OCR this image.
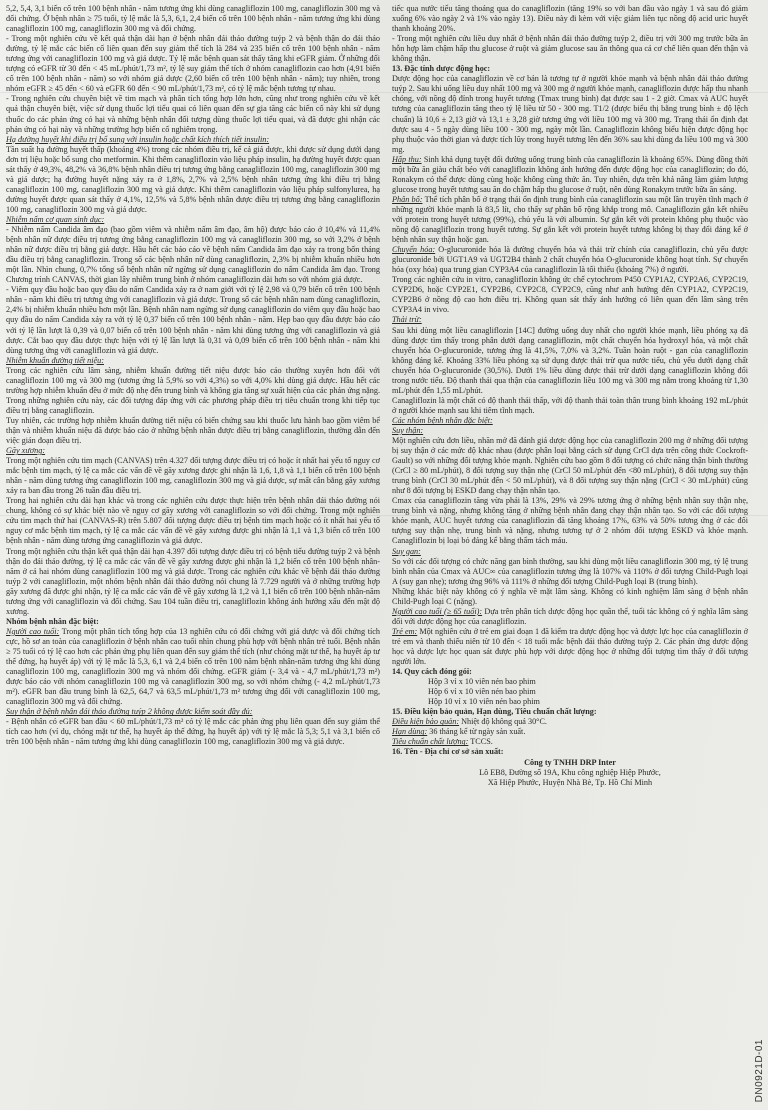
5,2, 5,4, 3,1 biến cố trên 100 bệnh nhân - năm tương ứng khi dùng canagliflozin 100 mg, canagliflozin 300 mg và đối chứng. Ở bệnh nhân ≥ 75 tuổi, tỷ lệ mắc là 5,3, 6,1, 2,4 biến cố trên 100 bệnh nhân - năm tương ứng khi dùng canagliflozin 100 mg, canagliflozin 300 mg và đối chứng.

- Trong một nghiên cứu về kết quả thận dài hạn ở bệnh nhân đái tháo đường tuýp 2 và bệnh thận do đái tháo đường, tỷ lệ mắc các biến cố liên quan đến suy giảm thể tích là 284 và 235 biến cố trên 100 bệnh nhân - năm tương ứng với canagliflozin 100 mg và giả dược. Tỷ lệ mắc bệnh quan sát thấy tăng khi eGFR giảm. Ở những đối tượng có eGFR từ 30 đến < 45 mL/phút/1,73 m², tỷ lệ suy giảm thể tích ở nhóm canagliflozin cao hơn (4,91 biến cố trên 100 bệnh nhân - năm) so với nhóm giả dược (2,60 biến cố trên 100 bệnh nhân - năm); tuy nhiên, trong nhóm eGFR ≥ 45 đến < 60 và eGFR 60 đến < 90 mL/phút/1,73 m², có tỷ lệ mắc bệnh tương tự nhau.

- Trong nghiên cứu chuyên biệt về tim mạch và phân tích tổng hợp lớn hơn, cũng như trong nghiên cứu về kết quả thận chuyên biệt, việc sử dụng thuốc lợi tiểu quai có liên quan đến sự gia tăng các biến cố này khi sử dụng thuốc do các phản ứng có hại và những bệnh nhân đối tượng dùng thuốc lợi tiểu quai, và đã được ghi nhận các phản ứng có hại này và những trường hợp biến cố nghiêm trọng.

Hạ đường huyết khi điều trị bổ sung với insulin hoặc chất kích thích tiết insulin:

Tần suất hạ đường huyết thấp (khoảng 4%) trong các nhóm điều trị, kể cả giả dược, khi được sử dụng dưới dạng đơn trị liệu hoặc bổ sung cho metformin. Khi thêm canagliflozin vào liệu pháp insulin, hạ đường huyết được quan sát thấy ở 49,3%, 48,2% và 36,8% bệnh nhân điều trị tương ứng bằng canagliflozin 100 mg, canagliflozin 300 mg và giả dược; hạ đường huyết nặng xảy ra ở 1,8%, 2,7% và 2,5% bệnh nhân tương ứng khi điều trị bằng canagliflozin 100 mg, canagliflozin 300 mg và giả dược. Khi thêm canagliflozin vào liệu pháp sulfonylurea, hạ đường huyết được quan sát thấy ở 4,1%, 12,5% và 5,8% bệnh nhân được điều trị tương ứng bằng canagliflozin 100 mg, canagliflozin 300 mg và giả dược.

Nhiễm nấm cơ quan sinh dục:

- Nhiễm nấm Candida âm đạo (bao gồm viêm và nhiễm nấm âm đạo, âm hộ) được báo cáo ở 10,4% và 11,4% bệnh nhân nữ được điều trị tương ứng bằng canagliflozin 100 mg và canagliflozin 300 mg, so với 3,2% ở bệnh nhân nữ được điều trị bằng giả dược. Hầu hết các báo cáo về bệnh nấm Candida âm đạo xảy ra trong bốn tháng đầu điều trị bằng canagliflozin. Trong số các bệnh nhân nữ dùng canagliflozin, 2,3% bị nhiễm khuẩn nhiều hơn một lần. Nhìn chung, 0,7% tổng số bệnh nhân nữ ngừng sử dụng canagliflozin do nấm Candida âm đạo. Trong Chương trình CANVAS, thời gian lây nhiễm trung bình ở nhóm canagliflozin dài hơn so với nhóm giả dược.

- Viêm quy đầu hoặc bao quy đầu do nấm Candida xảy ra ở nam giới với tỷ lệ 2,98 và 0,79 biến cố trên 100 bệnh nhân - năm khi điều trị tương ứng với canagliflozin và giả dược. Trong số các bệnh nhân nam dùng canagliflozin, 2,4% bị nhiễm khuẩn nhiều hơn một lần. Bệnh nhân nam ngừng sử dụng canagliflozin do viêm quy đầu hoặc bao quy đầu do nấm Candida xảy ra với tỷ lệ 0,37 biến cố trên 100 bệnh nhân - năm. Hẹp bao quy đầu được báo cáo với tỷ lệ lần lượt là 0,39 và 0,07 biến cố trên 100 bệnh nhân - năm khi dùng tương ứng với canagliflozin và giả dược. Cắt bao quy đầu được thực hiện với tỷ lệ lần lượt là 0,31 và 0,09 biến cố trên 100 bệnh nhân - năm khi dùng tương ứng với canagliflozin và giả dược.

Nhiễm khuẩn đường tiết niệu:

Trong các nghiên cứu lâm sàng, nhiễm khuẩn đường tiết niệu được báo cáo thường xuyên hơn đối với canagliflozin 100 mg và 300 mg (tương ứng là 5,9% so với 4,3%) so với 4,0% khi dùng giả dược. Hầu hết các trường hợp nhiễm khuẩn đều ở mức độ nhẹ đến trung bình và không gia tăng sự xuất hiện của các phản ứng nặng. Trong những nghiên cứu này, các đối tượng đáp ứng với các phương pháp điều trị tiêu chuẩn trong khi tiếp tục điều trị bằng canagliflozin.

Tuy nhiên, các trường hợp nhiễm khuẩn đường tiết niệu có biến chứng sau khi thuốc lưu hành bao gồm viêm bể thận và nhiễm khuẩn niệu đã được báo cáo ở những bệnh nhân được điều trị bằng canagliflozin, thường dẫn đến việc gián đoạn điều trị.

Gãy xương:

Trong một nghiên cứu tim mạch (CANVAS) trên 4.327 đối tượng được điều trị có hoặc ít nhất hai yếu tố nguy cơ mắc bệnh tim mạch, tỷ lệ ca mắc các vấn đề về gãy xương được ghi nhận là 1,6, 1,8 và 1,1 biến cố trên 100 bệnh nhân - năm dùng tương ứng canagliflozin 100 mg, canagliflozin 300 mg và giả dược, sự mất cân bằng gãy xương xảy ra ban đầu trong 26 tuần đầu điều trị.

Trong hai nghiên cứu dài hạn khác và trong các nghiên cứu được thực hiện trên bệnh nhân đái tháo đường nói chung, không có sự khác biệt nào về nguy cơ gãy xương với canagliflozin so với đối chứng. Trong một nghiên cứu tim mạch thứ hai (CANVAS-R) trên 5.807 đối tượng được điều trị bệnh tim mạch hoặc có ít nhất hai yếu tố nguy cơ mắc bệnh tim mạch, tỷ lệ ca mắc các vấn đề về gãy xương được ghi nhận là 1,1 và 1,3 biến cố trên 100 bệnh nhân - năm dùng tương ứng canagliflozin và giả dược.

Trong một nghiên cứu thận kết quả thận dài hạn 4.397 đối tượng được điều trị có bệnh tiểu đường tuýp 2 và bệnh thận do đái tháo đường, tỷ lệ ca mắc các vấn đề về gãy xương được ghi nhận là 1,2 biến cố trên 100 bệnh nhân-năm ở cả hai nhóm dùng canagliflozin 100 mg và giả dược. Trong các nghiên cứu khác về bệnh đái tháo đường tuýp 2 với canagliflozin, một nhóm bệnh nhân đái tháo đường nói chung là 7.729 người và ở những trường hợp gãy xương đã được ghi nhận, tỷ lệ ca mắc các vấn đề về gãy xương là 1,2 và 1,1 biến cố trên 100 bệnh nhân-năm tương ứng với canagliflozin và đối chứng. Sau 104 tuần điều trị, canagliflozin không ảnh hưởng xấu đến mật độ xương.

Nhóm bệnh nhân đặc biệt:

Người cao tuổi: Trong một phân tích tổng hợp của 13 nghiên cứu có đối chứng với giả dược và đối chứng tích cực, hồ sơ an toàn của canagliflozin ở bệnh nhân cao tuổi nhìn chung phù hợp với bệnh nhân trẻ tuổi. Bệnh nhân ≥ 75 tuổi có tỷ lệ cao hơn các phản ứng phụ liên quan đến suy giảm thể tích (như chóng mặt tư thế, hạ huyết áp tư thế đứng, hạ huyết áp) với tỷ lệ mắc là 5,3, 6,1 và 2,4 biến cố trên 100 năm bệnh nhân-năm tương ứng khi dùng canagliflozin 100 mg, canagliflozin 300 mg và nhóm đối chứng. eGFR giảm (- 3,4 và - 4,7 mL/phút/1,73 m²) được báo cáo với nhóm canagliflozin 100 mg và canagliflozin 300 mg, so với nhóm chứng (- 4,2 mL/phút/1,73 m²). eGFR ban đầu trung bình là 62,5, 64,7 và 63,5 mL/phút/1,73 m² tương ứng đối với canagliflozin 100 mg, canagliflozin 300 mg và đối chứng.

Suy thận ở bệnh nhân đái tháo đường tuýp 2 không được kiểm soát đầy đủ:

- Bệnh nhân có eGFR ban đầu < 60 mL/phút/1,73 m² có tỷ lệ mắc các phản ứng phụ liên quan đến suy giảm thể tích cao hơn (ví dụ, chóng mặt tư thế, hạ huyết áp thế đứng, hạ huyết áp) với tỷ lệ mắc là 5,3; 5,1 và 3,1 biến cố trên 100 bệnh nhân - năm tương ứng khi dùng canagliflozin 100 mg, canagliflozin 300 mg và giả dược.

tiếc qua nước tiểu tăng thoáng qua do canagliflozin (tăng 19% so với ban đầu vào ngày 1 và sau đó giảm xuống 6% vào ngày 2 và 1% vào ngày 13). Điều này đi kèm với việc giảm liên tục nồng độ acid uric huyết thanh khoảng 20%.

- Trong một nghiên cứu liều duy nhất ở bệnh nhân đái tháo đường tuýp 2, điều trị với 300 mg trước bữa ăn hỗn hợp làm chậm hấp thu glucose ở ruột và giảm glucose sau ăn thông qua cả cơ chế liên quan đến thận và không thận.

13. Đặc tính dược động học:

Dược động học của canagliflozin về cơ bản là tương tự ở người khỏe mạnh và bệnh nhân đái tháo đường tuýp 2. Sau khi uống liều duy nhất 100 mg và 300 mg ở người khỏe mạnh, canagliflozin được hấp thu nhanh chóng, với nồng độ đỉnh trong huyết tương (Tmax trung bình) đạt được sau 1 - 2 giờ. Cmax và AUC huyết tương của canagliflozin tăng theo tỷ lệ liều từ 50 - 300 mg. T1/2 (được biểu thị bằng trung bình ± độ lệch chuẩn) là 10,6 ± 2,13 giờ và 13,1 ± 3,28 giờ tương ứng với liều 100 mg và 300 mg. Trạng thái ổn định đạt được sau 4 - 5 ngày dùng liều 100 - 300 mg, ngày một lần. Canagliflozin không biểu hiện được động học phụ thuộc vào thời gian và được tích lũy trong huyết tương lên đến 36% sau khi dùng đa liều 100 mg và 300 mg.

Hấp thu: Sinh khả dụng tuyệt đối đường uống trung bình của canagliflozin là khoảng 65%. Dùng đồng thời một bữa ăn giàu chất béo với canagliflozin không ảnh hưởng đến được động học của canagliflozin; do đó, Ronakym có thể được dùng cùng hoặc không cùng thức ăn. Tuy nhiên, dựa trên khả năng làm giảm lượng glucose trong huyết tương sau ăn do chậm hấp thu glucose ở ruột, nên dùng Ronakym trước bữa ăn sáng.

Phân bố: Thể tích phân bố ở trạng thái ổn định trung bình của canagliflozin sau một lần truyền tĩnh mạch ở những người khỏe mạnh là 83,5 lít, cho thấy sự phân bố rộng khắp trong mô. Canagliflozin gắn kết nhiều với protein trong huyết tương (99%), chủ yếu là với albumin. Sự gắn kết với protein không phụ thuộc vào nồng độ canagliflozin trong huyết tương. Sự gắn kết với protein huyết tương không bị thay đổi đáng kể ở bệnh nhân suy thận hoặc gan.

Chuyển hóa: O-glucuronide hóa là đường chuyển hóa và thải trừ chính của canagliflozin, chủ yếu được glucuronide bởi UGT1A9 và UGT2B4 thành 2 chất chuyển hóa O-glucuronide không hoạt tính. Sự chuyển hóa (oxy hóa) qua trung gian CYP3A4 của canagliflozin là tối thiểu (khoảng 7%) ở người.

Trong các nghiên cứu in vitro, canagliflozin không ức chế cytochrom P450 CYP1A2, CYP2A6, CYP2C19, CYP2D6, hoặc CYP2E1, CYP2B6, CYP2C8, CYP2C9, cũng như anh hưởng đến CYP1A2, CYP2C19, CYP2B6 ở nồng độ cao hơn điều trị. Không quan sát thấy ảnh hưởng có liên quan đến lâm sàng trên CYP3A4 in vivo.

Thải trừ:

Sau khi dùng một liều canagliflozin [14C] đường uống duy nhất cho người khỏe mạnh, liều phóng xạ đã dùng được tìm thấy trong phân dưới dạng canagliflozin, một chất chuyển hóa hydroxyl hóa, và một chất chuyển hóa O-glucuronide, tương ứng là 41,5%, 7,0% và 3,2%. Tuần hoàn ruột - gan của canagliflozin không đáng kể. Khoảng 33% liều phóng xạ sử dụng được thải trừ qua nước tiểu, chủ yếu dưới dạng chất chuyển hóa O-glucuronide (30,5%). Dưới 1% liều dùng được thải trừ dưới dạng canagliflozin không đổi trong nước tiểu. Độ thanh thải qua thận của canagliflozin liều 100 mg và 300 mg nằm trong khoảng từ 1,30 mL/phút đến 1,55 mL/phút.

Canagliflozin là một chất có độ thanh thải thấp, với độ thanh thải toàn thân trung bình khoảng 192 mL/phút ở người khỏe mạnh sau khi tiêm tĩnh mạch.

Các nhóm bệnh nhân đặc biệt:

Suy thận:

Một nghiên cứu đơn liều, nhãn mở đã đánh giá dược động học của canagliflozin 200 mg ở những đối tượng bị suy thận ở các mức độ khác nhau (được phân loại bằng cách sử dụng CrCl dựa trên công thức Cockroft-Gault) so với những đối tượng khỏe mạnh. Nghiên cứu bao gồm 8 đối tượng có chức năng thận bình thường (CrCl ≥ 80 mL/phút), 8 đối tượng suy thận nhẹ (CrCl 50 mL/phút đến <80 mL/phút), 8 đối tượng suy thận trung bình (CrCl 30 mL/phút đến < 50 mL/phút), và 8 đối tượng suy thận nặng (CrCl < 30 mL/phút) cũng như 8 đối tượng bị ESKD đang chạy thận nhân tạo.

Cmax của canagliflozin tăng vừa phải là 13%, 29% và 29% tương ứng ở những bệnh nhân suy thận nhẹ, trung bình và nặng, nhưng không tăng ở những bệnh nhân đang chạy thận nhân tạo. So với các đối tượng khỏe mạnh, AUC huyết tương của canagliflozin đã tăng khoảng 17%, 63% và 50% tương ứng ở các đối tượng suy thận nhẹ, trung bình và nặng, nhưng tương tự ở 2 nhóm đối tượng ESKD và khỏe mạnh. Canagliflozin bị loại bỏ đáng kể bằng thẩm tách máu.

Suy gan:

So với các đối tượng có chức năng gan bình thường, sau khi dùng một liều canagliflozin 300 mg, tỷ lệ trung bình nhân của Cmax và AUC∞ của canagliflozin tương ứng là 107% và 110% ở đối tượng Child-Pugh loại A (suy gan nhẹ); tương ứng 96% và 111% ở những đối tượng Child-Pugh loại B (trung bình).

Những khác biệt này không có ý nghĩa về mặt lâm sàng. Không có kinh nghiệm lâm sàng ở bệnh nhân Child-Pugh loại C (nặng).

Người cao tuổi (≥ 65 tuổi): Dựa trên phân tích dược động học quần thể, tuổi tác không có ý nghĩa lâm sàng đối với dược động học của canagliflozin.

Trẻ em: Một nghiên cứu ở trẻ em giai đoạn 1 đã kiểm tra dược động học và dược lực học của canagliflozin ở trẻ em và thanh thiếu niên từ 10 đến < 18 tuổi mắc bệnh đái tháo đường tuýp 2. Các phản ứng dược động học và dược lực học quan sát được phù hợp với dược động học ở những đối tượng tìm thấy ở đối tượng người lớn.

14. Quy cách đóng gói:

Hộp 3 vỉ x 10 viên nén bao phim

Hộp 6 vỉ x 10 viên nén bao phim

Hộp 10 vỉ x 10 viên nén bao phim

15. Điều kiện bảo quản, Hạn dùng, Tiêu chuẩn chất lượng:

Điều kiện bảo quản: Nhiệt độ không quá 30°C.

Hạn dùng: 36 tháng kể từ ngày sản xuất.

Tiêu chuẩn chất lượng: TCCS.

16. Tên - Địa chỉ cơ sở sản xuất:

Công ty TNHH DRP Inter

Lô EB8, Đường số 19A, Khu công nghiệp Hiệp Phước,

Xã Hiệp Phước, Huyện Nhà Bè, Tp. Hồ Chí Minh

DN0921D-01
